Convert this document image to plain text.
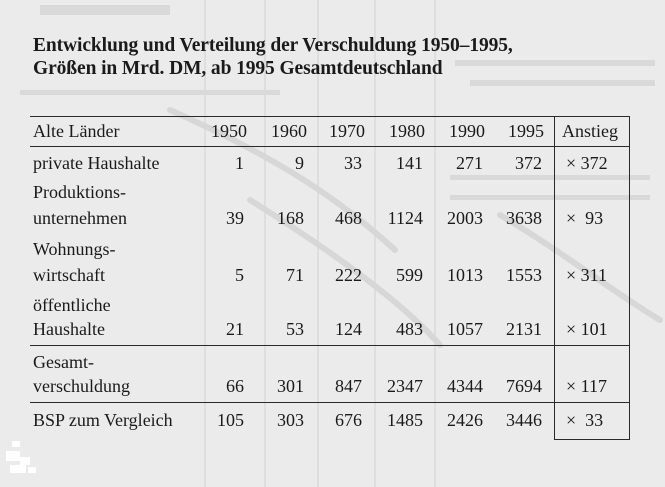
Entwicklung und Verteilung der Verschuldung 1950–1995,
Größen in Mrd. DM, ab 1995 Gesamtdeutschland
Alte Länder	1950	1960	1970	1980	1990	1995 Anstieg
private Haushalte	1	9	33	141	271	372 × 372
Produktions-
unternehmen	39	168	468	1124	2003	3638 ×  93
Wohnungs-
wirtschaft	5	71	222	599	1013	1553 × 311
öffentliche
Haushalte	21	53	124	483	1057	2131 × 101
Gesamt-
verschuldung	66	301	847	2347	4344	7694 × 117
BSP zum Vergleich	105	303	676	1485	2426	3446 ×  33
